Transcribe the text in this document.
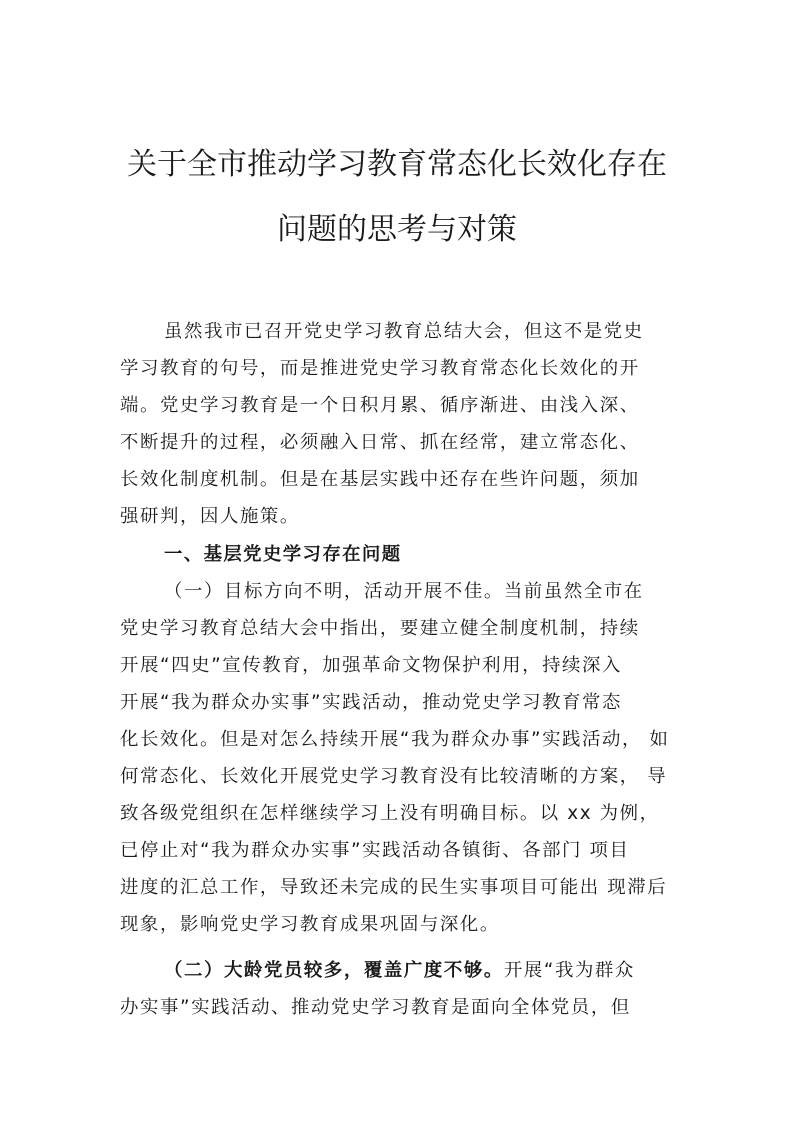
关于全市推动学习教育常态化长效化存在
问题的思考与对策
虽然我市已召开党史学习教育总结大会，但这不是党史
学习教育的句号，而是推进党史学习教育常态化长效化的开
端。党史学习教育是一个日积月累、循序渐进、由浅入深、
不断提升的过程，必须融入日常、抓在经常，建立常态化、
长效化制度机制。但是在基层实践中还存在些许问题，须加
强研判，因人施策。
一、基层党史学习存在问题
（一）目标方向不明，活动开展不佳。当前虽然全市在
党史学习教育总结大会中指出，要建立健全制度机制，持续
开展“四史”宣传教育，加强革命文物保护利用，持续深入
开展“我为群众办实事”实践活动，推动党史学习教育常态
化长效化。但是对怎么持续开展“我为群众办事”实践活动， 如
何常态化、长效化开展党史学习教育没有比较清晰的方案， 导
致各级党组织在怎样继续学习上没有明确目标。以 xx 为例，
已停止对“我为群众办实事”实践活动各镇街、各部门 项目
进度的汇总工作，导致还未完成的民生实事项目可能出 现滞后
现象，影响党史学习教育成果巩固与深化。
（二）大龄党员较多，覆盖广度不够。开展“我为群众
办实事”实践活动、推动党史学习教育是面向全体党员，但
